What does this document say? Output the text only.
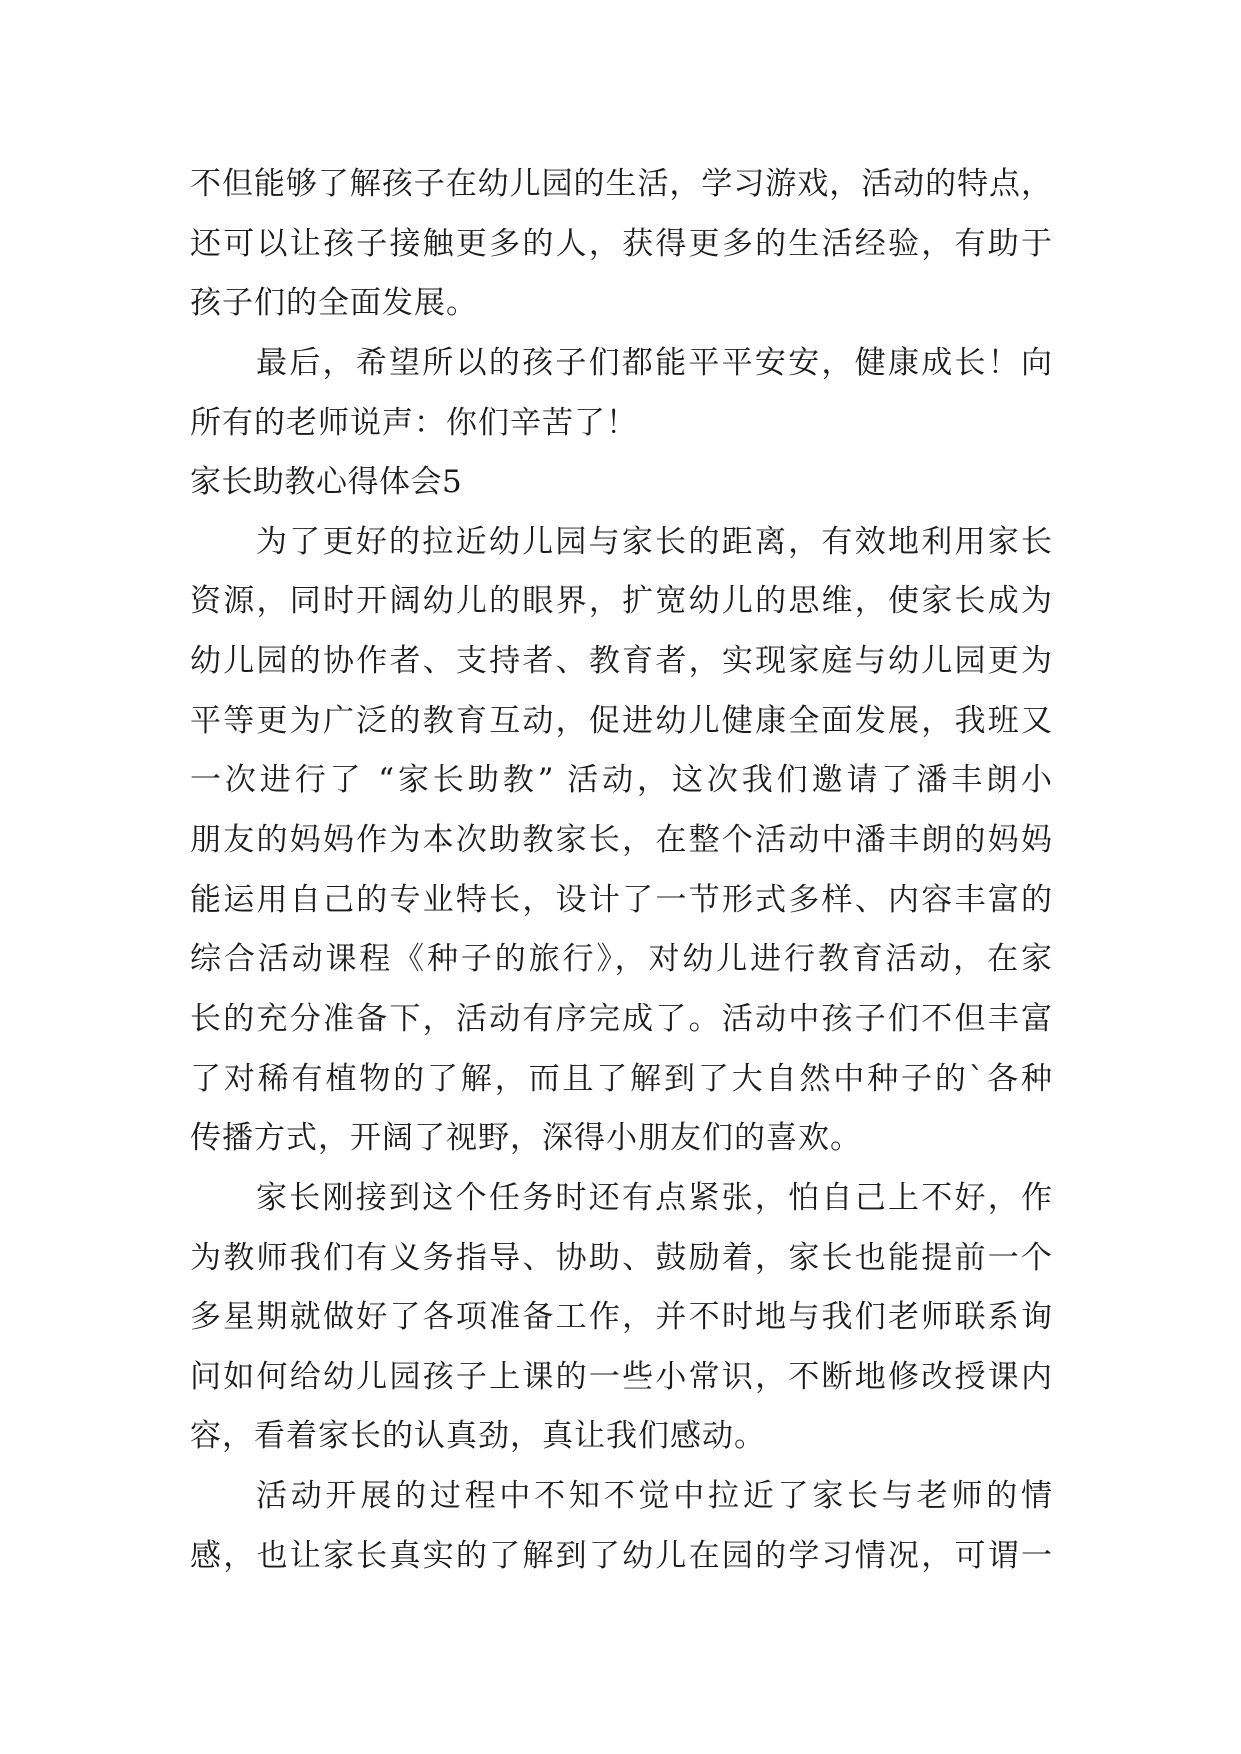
不但能够了解孩子在幼儿园的生活，学习游戏，活动的特点，
还可以让孩子接触更多的人，获得更多的生活经验，有助于
孩子们的全面发展。
最后，希望所以的孩子们都能平平安安，健康成长！向
所有的老师说声：你们辛苦了！
家长助教心得体会5
为了更好的拉近幼儿园与家长的距离，有效地利用家长
资源，同时开阔幼儿的眼界，扩宽幼儿的思维，使家长成为
幼儿园的协作者、支持者、教育者，实现家庭与幼儿园更为
平等更为广泛的教育互动，促进幼儿健康全面发展，我班又
一次进行了 “家长助教” 活动，这次我们邀请了潘丰朗小
朋友的妈妈作为本次助教家长，在整个活动中潘丰朗的妈妈
能运用自己的专业特长，设计了一节形式多样、内容丰富的
综合活动课程《种子的旅行》，对幼儿进行教育活动，在家
长的充分准备下，活动有序完成了。活动中孩子们不但丰富
了对稀有植物的了解，而且了解到了大自然中种子的`各种
传播方式，开阔了视野，深得小朋友们的喜欢。
家长刚接到这个任务时还有点紧张，怕自己上不好，作
为教师我们有义务指导、协助、鼓励着，家长也能提前一个
多星期就做好了各项准备工作，并不时地与我们老师联系询
问如何给幼儿园孩子上课的一些小常识，不断地修改授课内
容，看着家长的认真劲，真让我们感动。
活动开展的过程中不知不觉中拉近了家长与老师的情
感，也让家长真实的了解到了幼儿在园的学习情况，可谓一
